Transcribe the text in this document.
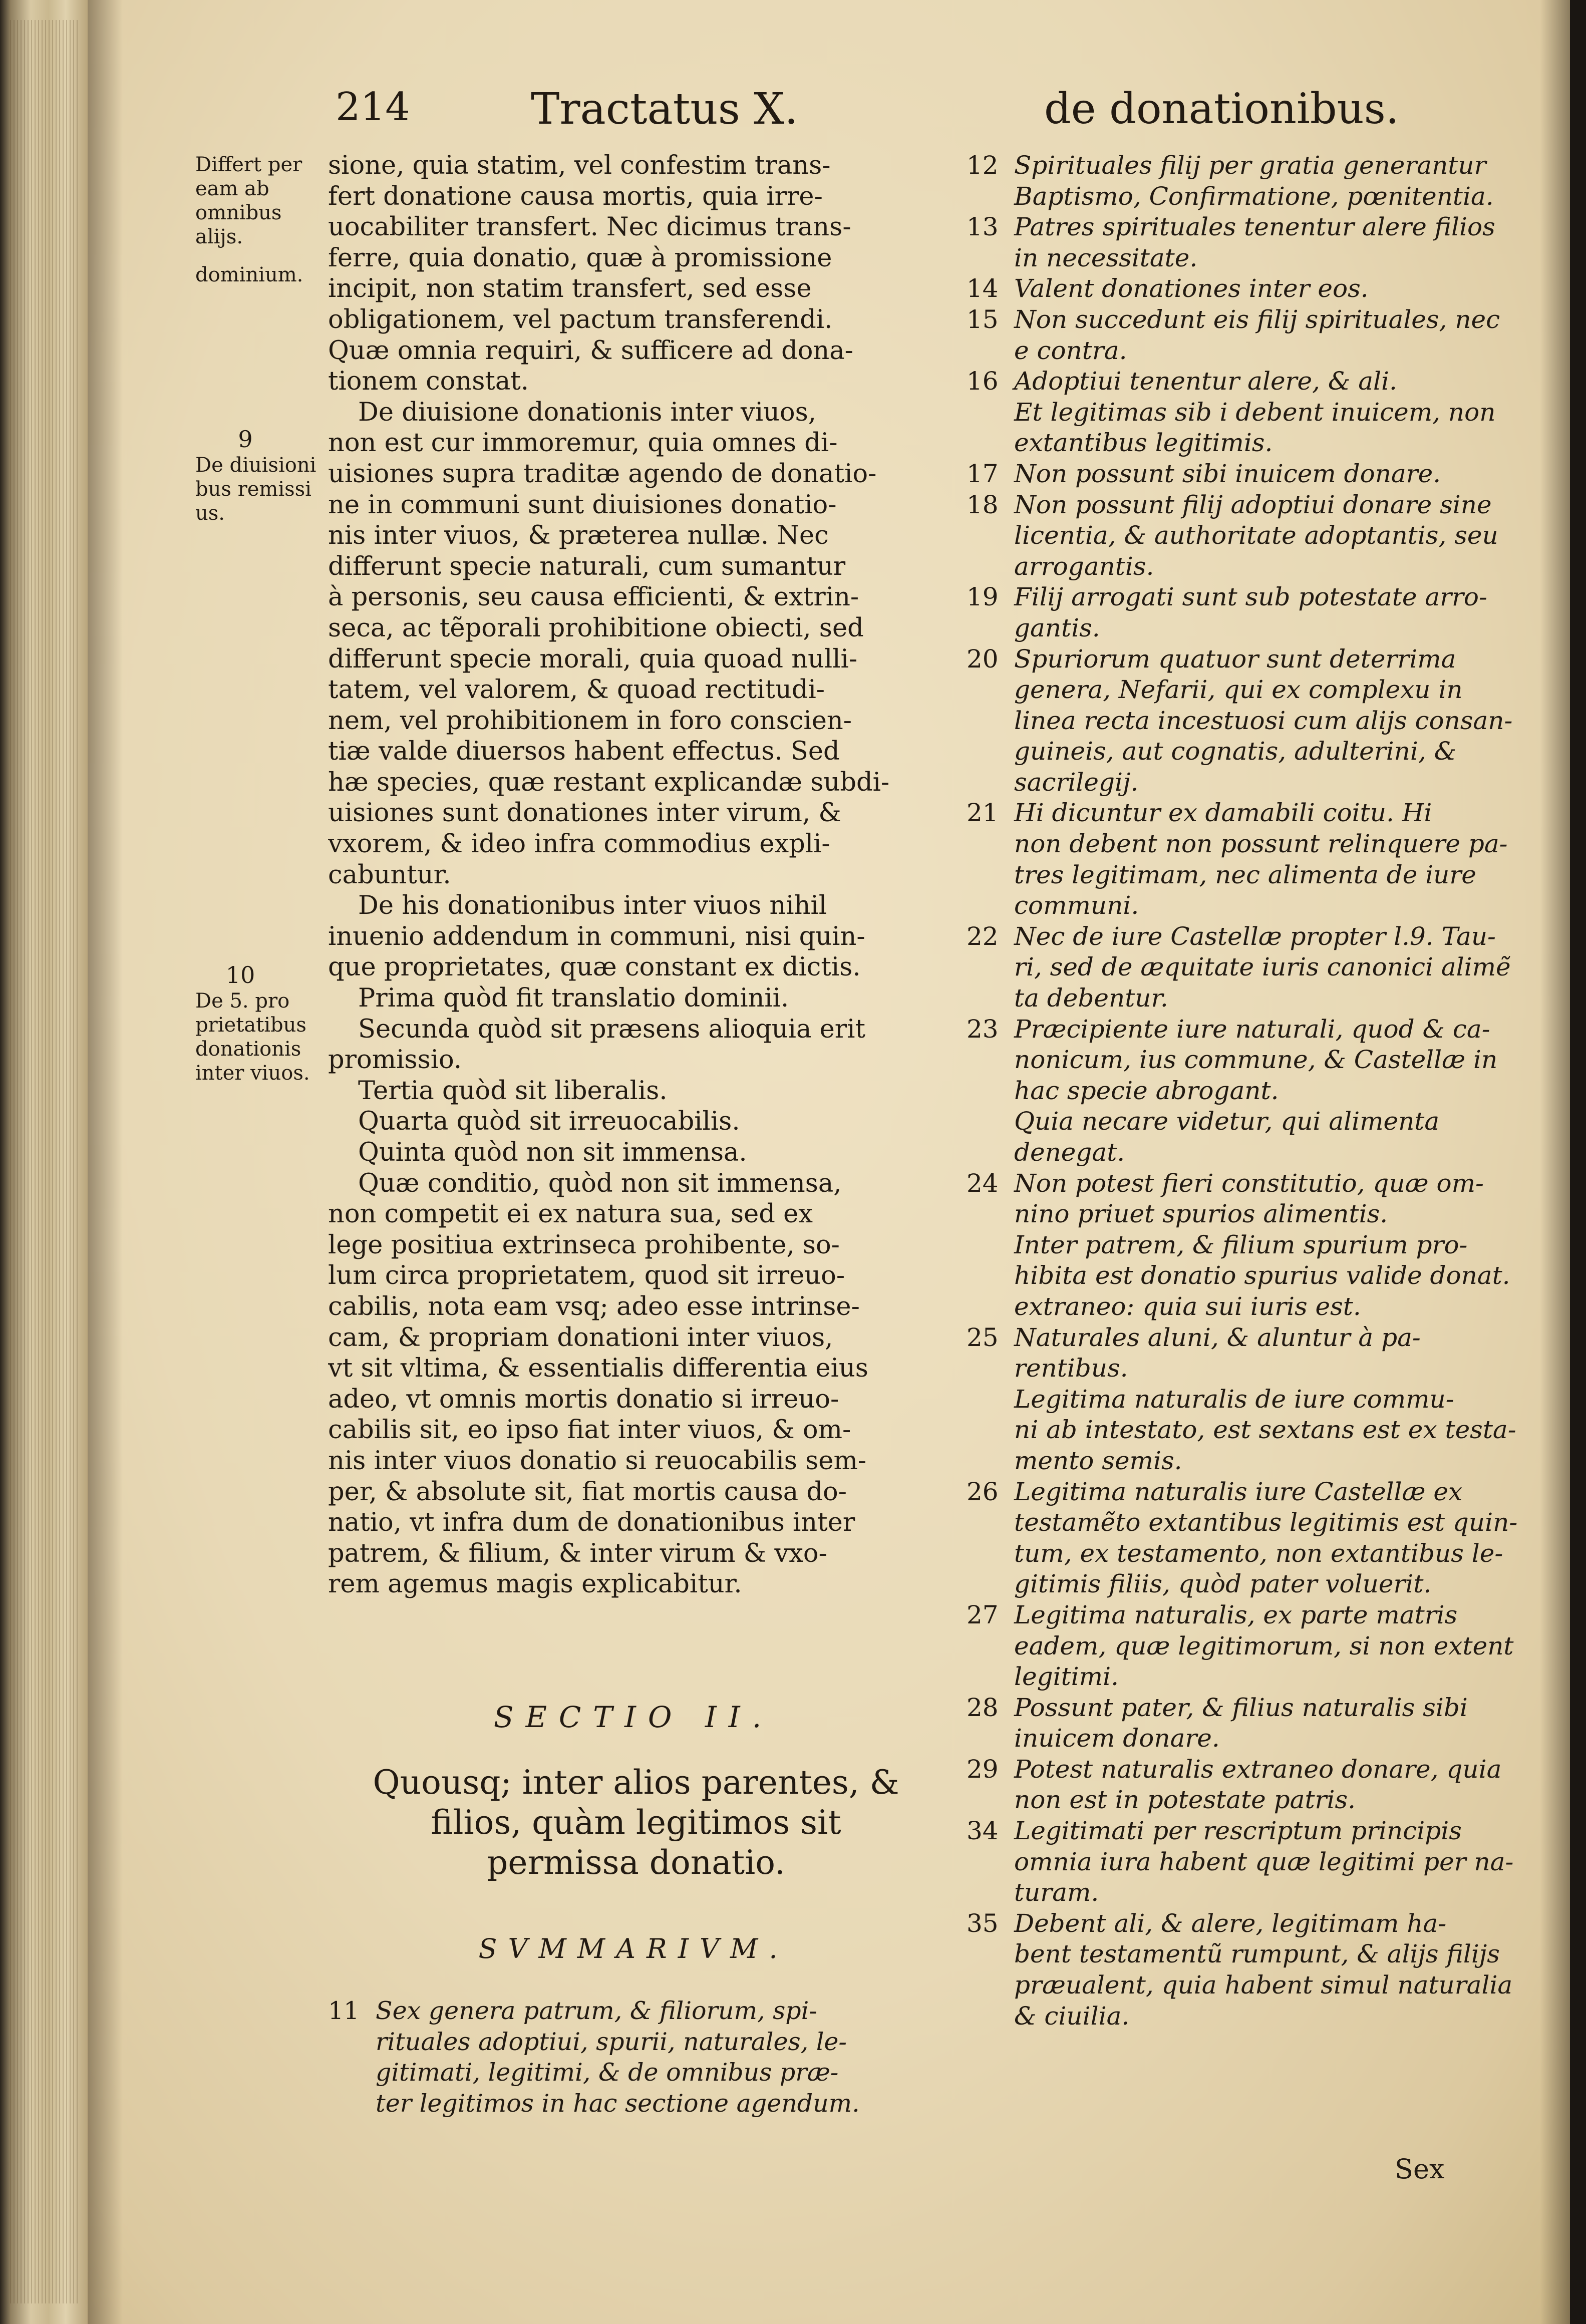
214	Tractatus X.	de donationibus.
Differt per eam ab omnibus alijs.
dominium.
9
De diuisioni bus remissi us.
10
De 5. pro prietatibus donationis inter viuos.
sione, quia statim, vel confestim trans-
fert donatione causa mortis, quia irre-
uocabiliter transfert. Nec dicimus trans-
ferre, quia donatio, quæ à promissione
incipit, non statim transfert, sed esse
obligationem, vel pactum transferendi.
Quæ omnia requiri, & sufficere ad dona-
tionem constat.
De diuisione donationis inter viuos,
non est cur immoremur, quia omnes di-
uisiones supra traditæ agendo de donatio-
ne in communi sunt diuisiones donatio-
nis inter viuos, & præterea nullæ. Nec
differunt specie naturali, cum sumantur
à personis, seu causa efficienti, & extrin-
seca, ac tẽporali prohibitione obiecti, sed
differunt specie morali, quia quoad nulli-
tatem, vel valorem, & quoad rectitudi-
nem, vel prohibitionem in foro conscien-
tiæ valde diuersos habent effectus. Sed
hæ species, quæ restant explicandæ subdi-
uisiones sunt donationes inter virum, &
vxorem, & ideo infra commodius expli-
cabuntur.
De his donationibus inter viuos nihil
inuenio addendum in communi, nisi quin-
que proprietates, quæ constant ex dictis.
Prima quòd fit translatio dominii.
Secunda quòd sit præsens alioquia erit
promissio.
Tertia quòd sit liberalis.
Quarta quòd sit irreuocabilis.
Quinta quòd non sit immensa.
Quæ conditio, quòd non sit immensa,
non competit ei ex natura sua, sed ex
lege positiua extrinseca prohibente, so-
lum circa proprietatem, quod sit irreuo-
cabilis, nota eam vsq; adeo esse intrinse-
cam, & propriam donationi inter viuos,
vt sit vltima, & essentialis differentia eius
adeo, vt omnis mortis donatio si irreuo-
cabilis sit, eo ipso fiat inter viuos, & om-
nis inter viuos donatio si reuocabilis sem-
per, & absolute sit, fiat mortis causa do-
natio, vt infra dum de donationibus inter
patrem, & filium, & inter virum & vxo-
rem agemus magis explicabitur.
SECTIO II.
Quousq; inter alios parentes, &
filios, quàm legitimos sit
permissa donatio.
SVMMARIVM.
11 Sex genera patrum, & filiorum, spi-
rituales adoptiui, spurii, naturales, le-
gitimati, legitimi, & de omnibus præ-
ter legitimos in hac sectione agendum.
12 Spirituales filij per gratia generantur
Baptismo, Confirmatione, pœnitentia.
13 Patres spirituales tenentur alere filios
in necessitate.
14 Valent donationes inter eos.
15 Non succedunt eis filij spirituales, nec
e contra.
16 Adoptiui tenentur alere, & ali.
Et legitimas sib i debent inuicem, non
extantibus legitimis.
17 Non possunt sibi inuicem donare.
18 Non possunt filij adoptiui donare sine
licentia, & authoritate adoptantis, seu
arrogantis.
19 Filij arrogati sunt sub potestate arro-
gantis.
20 Spuriorum quatuor sunt deterrima
genera, Nefarii, qui ex complexu in
linea recta incestuosi cum alijs consan-
guineis, aut cognatis, adulterini, &
sacrilegij.
21 Hi dicuntur ex damabili coitu. Hi
non debent non possunt relinquere pa-
tres legitimam, nec alimenta de iure
communi.
22 Nec de iure Castellæ propter l.9. Tau-
ri, sed de æquitate iuris canonici alimẽ
ta debentur.
23 Præcipiente iure naturali, quod & ca-
nonicum, ius commune, & Castellæ in
hac specie abrogant.
Quia necare videtur, qui alimenta
denegat.
24 Non potest fieri constitutio, quæ om-
nino priuet spurios alimentis.
Inter patrem, & filium spurium pro-
hibita est donatio spurius valide donat.
extraneo: quia sui iuris est.
25 Naturales aluni, & aluntur à pa-
rentibus.
Legitima naturalis de iure commu-
ni ab intestato, est sextans est ex testa-
mento semis.
26 Legitima naturalis iure Castellæ ex
testamẽto extantibus legitimis est quin-
tum, ex testamento, non extantibus le-
gitimis filiis, quòd pater voluerit.
27 Legitima naturalis, ex parte matris
eadem, quæ legitimorum, si non extent
legitimi.
28 Possunt pater, & filius naturalis sibi
inuicem donare.
29 Potest naturalis extraneo donare, quia
non est in potestate patris.
34 Legitimati per rescriptum principis
omnia iura habent quæ legitimi per na-
turam.
35 Debent ali, & alere, legitimam ha-
bent testamentũ rumpunt, & alijs filijs
præualent, quia habent simul naturalia
& ciuilia.
Sex
